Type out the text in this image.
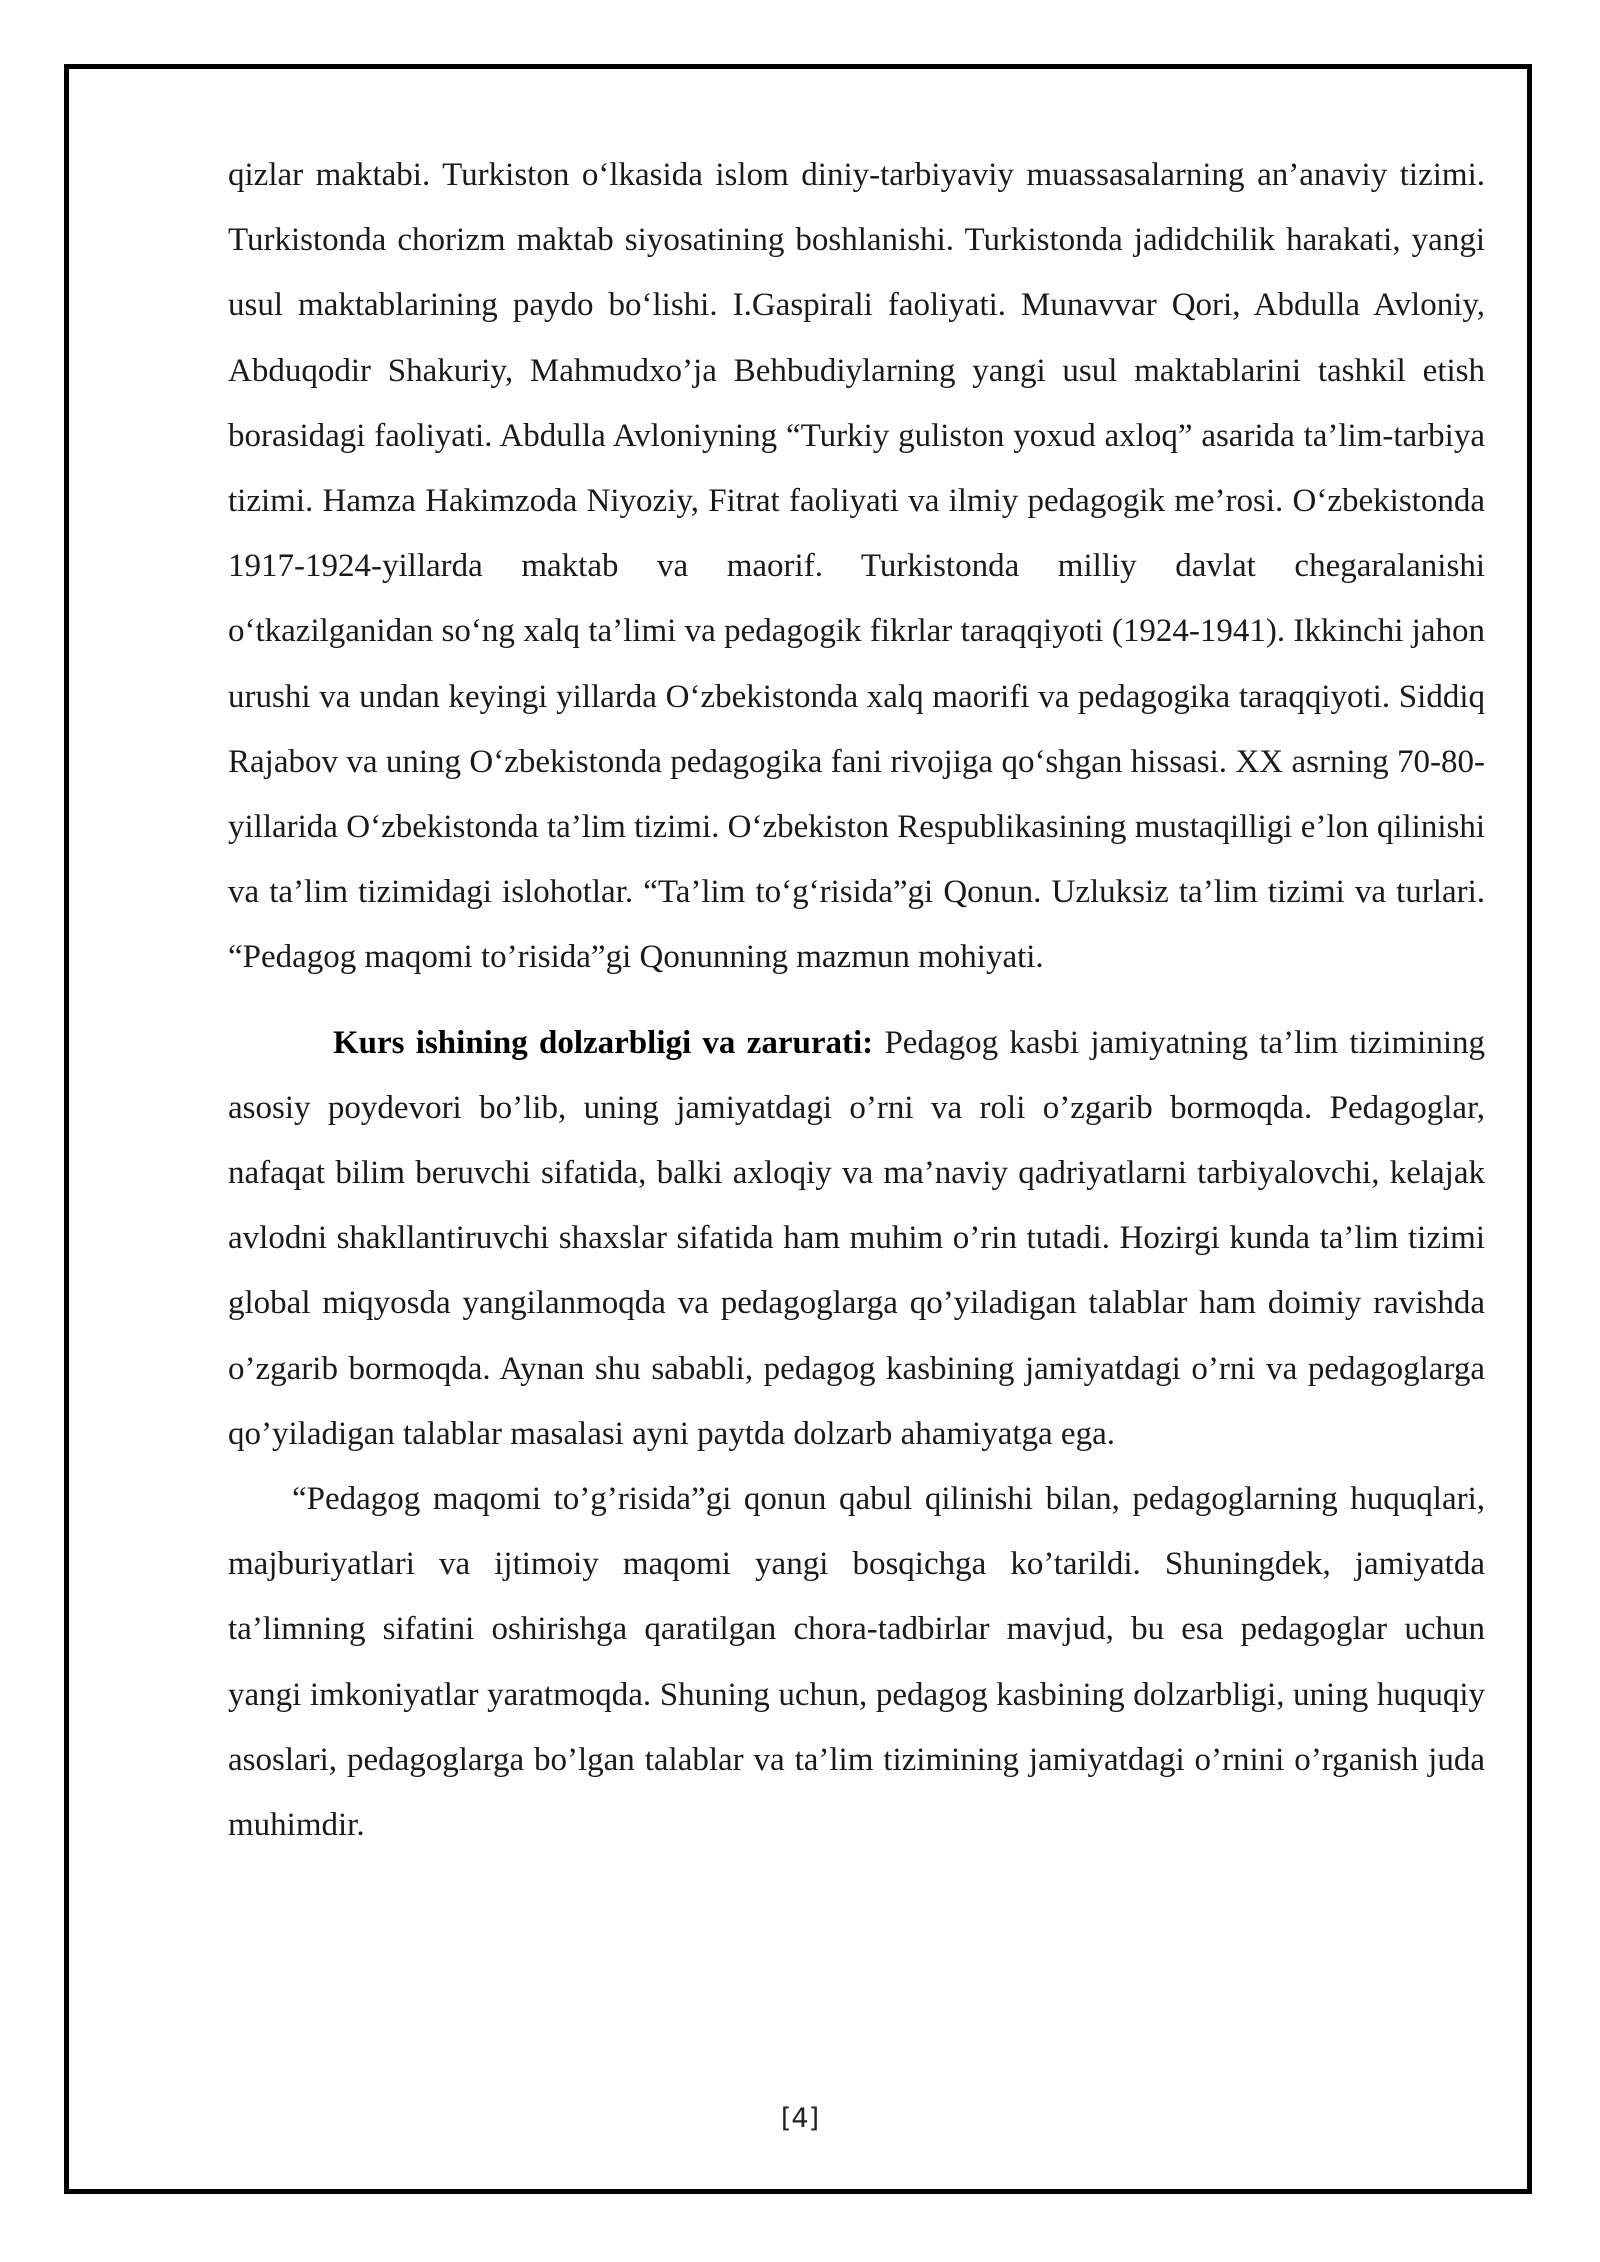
qizlar maktabi. Turkiston o‘lkasida islom diniy-tarbiyaviy muassasalarning an’anaviy tizimi. Turkistonda chorizm maktab siyosatining boshlanishi. Turkistonda jadidchilik harakati, yangi usul maktablarining paydo bo‘lishi. I.Gaspirali faoliyati. Munavvar Qori, Abdulla Avloniy, Abduqodir Shakuriy, Mahmudxo’ja Behbudiylarning yangi usul maktablarini tashkil etish borasidagi faoliyati. Abdulla Avloniyning “Turkiy guliston yoxud axloq” asarida ta’lim-tarbiya tizimi. Hamza Hakimzoda Niyoziy, Fitrat faoliyati va ilmiy pedagogik me’rosi. O‘zbekistonda 1917-1924-yillarda maktab va maorif. Turkistonda milliy davlat chegaralanishi o‘tkazilganidan so‘ng xalq ta’limi va pedagogik fikrlar taraqqiyoti (1924-1941). Ikkinchi jahon urushi va undan keyingi yillarda O‘zbekistonda xalq maorifi va pedagogika taraqqiyoti. Siddiq Rajabov va uning O‘zbekistonda pedagogika fani rivojiga qo‘shgan hissasi. XX asrning 70-80- yillarida O‘zbekistonda ta’lim tizimi. O‘zbekiston Respublikasining mustaqilligi e’lon qilinishi va ta’lim tizimidagi islohotlar. “Ta’lim to‘g‘risida”gi Qonun. Uzluksiz ta’lim tizimi va turlari. “Pedagog maqomi to’risida”gi Qonunning mazmun mohiyati.

Kurs ishining dolzarbligi va zarurati: Pedagog kasbi jamiyatning ta’lim tizimining asosiy poydevori bo’lib, uning jamiyatdagi o’rni va roli o’zgarib bormoqda. Pedagoglar, nafaqat bilim beruvchi sifatida, balki axloqiy va ma’naviy qadriyatlarni tarbiyalovchi, kelajak avlodni shakllantiruvchi shaxslar sifatida ham muhim o’rin tutadi. Hozirgi kunda ta’lim tizimi global miqyosda yangilanmoqda va pedagoglarga qo’yiladigan talablar ham doimiy ravishda o’zgarib bormoqda. Aynan shu sababli, pedagog kasbining jamiyatdagi o’rni va pedagoglarga qo’yiladigan talablar masalasi ayni paytda dolzarb ahamiyatga ega.

“Pedagog maqomi to’g’risida”gi qonun qabul qilinishi bilan, pedagoglarning huquqlari, majburiyatlari va ijtimoiy maqomi yangi bosqichga ko’tarildi. Shuningdek, jamiyatda ta’limning sifatini oshirishga qaratilgan chora-tadbirlar mavjud, bu esa pedagoglar uchun yangi imkoniyatlar yaratmoqda. Shuning uchun, pedagog kasbining dolzarbligi, uning huquqiy asoslari, pedagoglarga bo’lgan talablar va ta’lim tizimining jamiyatdagi o’rnini o’rganish juda muhimdir.

[4]
